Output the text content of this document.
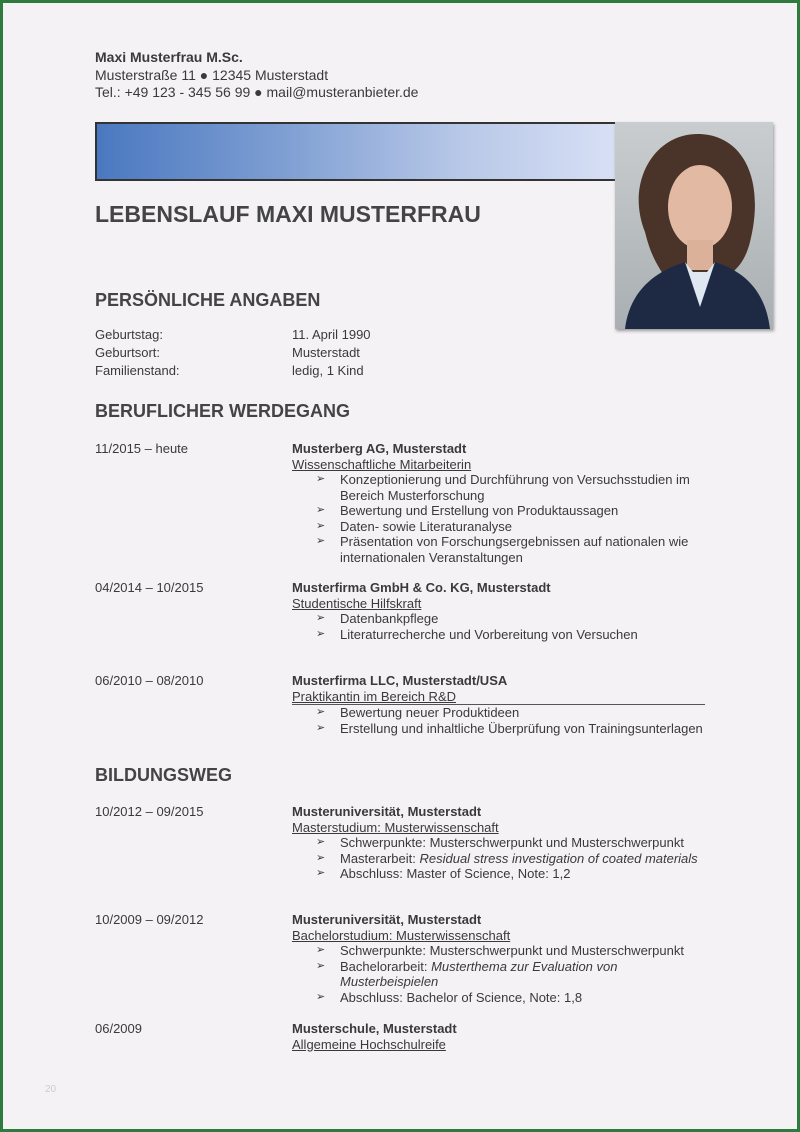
Maxi Musterfrau M.Sc.
Musterstraße 11 ● 12345 Musterstadt
Tel.: +49 123 - 345 56 99 ● mail@musteranbieter.de
LEBENSLAUF MAXI MUSTERFRAU
PERSÖNLICHE ANGABEN
Geburtstag:	11. April 1990
Geburtsort:	Musterstadt
Familienstand:	ledig, 1 Kind
BERUFLICHER WERDEGANG
BILDUNGSWEG
20
11/2015 – heute	Musterberg AG, Musterstadt
Wissenschaftliche Mitarbeiterin
➢	Konzeptionierung und Durchführung von Versuchsstudien im Bereich Musterforschung
➢	Bewertung und Erstellung von Produktaussagen
➢	Daten- sowie Literaturanalyse
➢	Präsentation von Forschungsergebnissen auf nationalen wie internationalen Veranstaltungen
04/2014 – 10/2015	Musterfirma GmbH & Co. KG, Musterstadt
Studentische Hilfskraft
➢	Datenbankpflege
➢	Literaturrecherche und Vorbereitung von Versuchen
06/2010 – 08/2010	Musterfirma LLC, Musterstadt/USA
Praktikantin im Bereich R&D
➢	Bewertung neuer Produktideen
➢	Erstellung und inhaltliche Überprüfung von Trainingsunterlagen
10/2012 – 09/2015	Musteruniversität, Musterstadt
Masterstudium: Musterwissenschaft
➢	Schwerpunkte: Musterschwerpunkt und Musterschwerpunkt
➢	Masterarbeit: Residual stress investigation of coated materials
➢	Abschluss: Master of Science, Note: 1,2
10/2009 – 09/2012	Musteruniversität, Musterstadt
Bachelorstudium: Musterwissenschaft
➢	Schwerpunkte: Musterschwerpunkt und Musterschwerpunkt
➢	Bachelorarbeit: Musterthema zur Evaluation von Musterbeispielen
➢	Abschluss: Bachelor of Science, Note: 1,8
06/2009	Musterschule, Musterstadt
Allgemeine Hochschulreife
